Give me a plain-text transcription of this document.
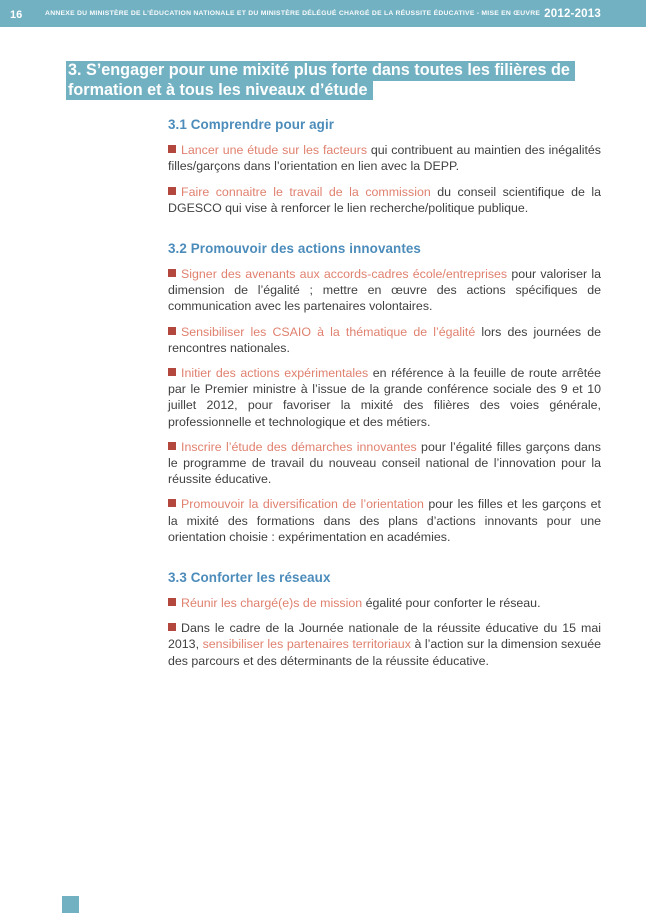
16	ANNEXE DU MINISTÈRE DE L’ÉDUCATION NATIONALE ET DU MINISTÈRE DÉLÉGUÉ CHARGÉ DE LA RÉUSSITE ÉDUCATIVE - MISE EN ŒUVRE 2012-2013
3. S’engager pour une mixité plus forte dans toutes les filières de
formation et à tous les niveaux d’étude
3.1 Comprendre pour agir

Lancer une étude sur les facteurs qui contribuent au maintien des inégalités filles/garçons dans l’orientation en lien avec la DEPP.

Faire connaitre le travail de la commission du conseil scientifique de la DGESCO qui vise à renforcer le lien recherche/politique publique.

3.2 Promouvoir des actions innovantes

Signer des avenants aux accords-cadres école/entreprises pour valoriser la dimension de l’égalité ; mettre en œuvre des actions spécifiques de communication avec les partenaires volontaires.

Sensibiliser les CSAIO à la thématique de l’égalité lors des journées de rencontres nationales.

Initier des actions expérimentales en référence à la feuille de route arrêtée par le Premier ministre à l’issue de la grande conférence sociale des 9 et 10 juillet 2012, pour favoriser la mixité des filières des voies générale, professionnelle et technologique et des métiers.

Inscrire l’étude des démarches innovantes pour l’égalité filles garçons dans le programme de travail du nouveau conseil national de l’innovation pour la réussite éducative.

Promouvoir la diversification de l’orientation pour les filles et les garçons et la mixité des formations dans des plans d’actions innovants pour une orientation choisie : expérimentation en académies.

3.3 Conforter les réseaux

Réunir les chargé(e)s de mission égalité pour conforter le réseau.

Dans le cadre de la Journée nationale de la réussite éducative du 15 mai 2013, sensibiliser les partenaires territoriaux à l’action sur la dimension sexuée des parcours et des déterminants de la réussite éducative.
